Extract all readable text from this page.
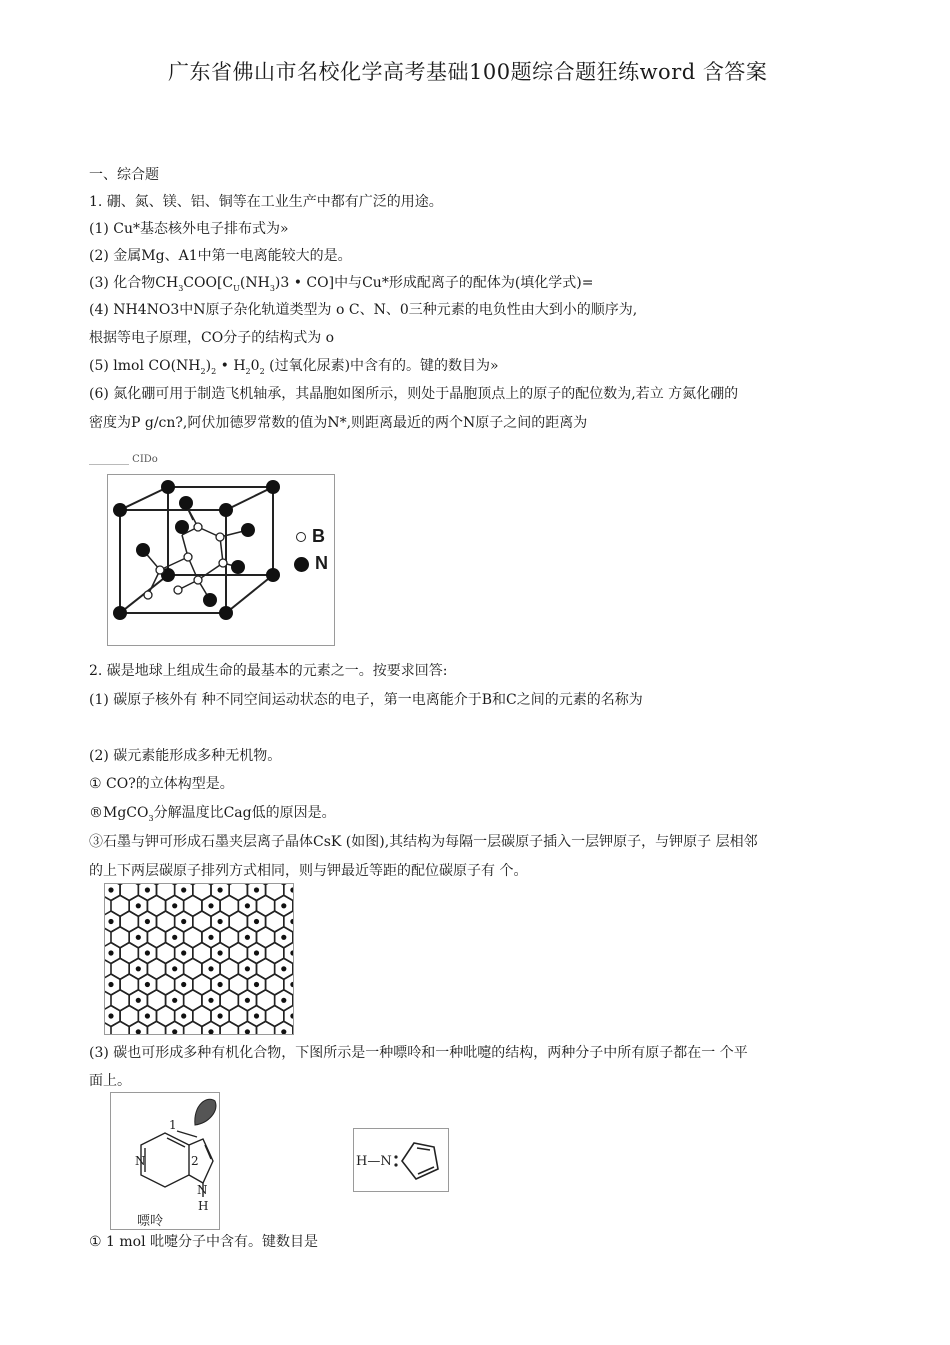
广东省佛山市名校化学高考基础100题综合题狂练word 含答案
一、综合题
1. 硼、氮、镁、铝、铜等在工业生产中都有广泛的用途。
(1) Cu*基态核外电子排布式为»
(2) 金属Mg、A1中第一电离能较大的是。
(3) 化合物$CH_3COO[C_U(NH_3)3$ • CO]中与Cu*形成配离子的配体为(填化学式)=
(4) NH4NO3中N原子杂化轨道类型为 o C、N、0三种元素的电负性由大到小的顺序为,
根据等电子原理，CO分子的结构式为 o
(5) lmol $CO(NH_2)_2$ • $H_20_2$ (过氧化尿素)中含有的。键的数目为»
(6) 氮化硼可用于制造飞机轴承，其晶胞如图所示，则处于晶胞顶点上的原子的配位数为,若立 方氮化硼的
密度为P g/cn?,阿伏加德罗常数的值为N*,则距离最近的两个N原子之间的距离为
________ CIDo
B
N
2. 碳是地球上组成生命的最基本的元素之一。按要求回答:
(1) 碳原子核外有 种不同空间运动状态的电子，第一电离能介于B和C之间的元素的名称为
(2) 碳元素能形成多种无机物。
① CO?的立体构型是。
®MgCO$_3$分解温度比Cag低的原因是。
③石墨与钾可形成石墨夹层离子晶体CsK (如图),其结构为每隔一层碳原子插入一层钾原子，与钾原子 层相邻
的上下两层碳原子排列方式相同，则与钾最近等距的配位碳原子有 个。
(3) 碳也可形成多种有机化合物，下图所示是一种嘌呤和一种吡嚏的结构，两种分子中所有原子都在一 个平
面上。
1
2
N
N
H
嘌呤
H—N
① 1 mol 吡嚏分子中含有。键数目是
